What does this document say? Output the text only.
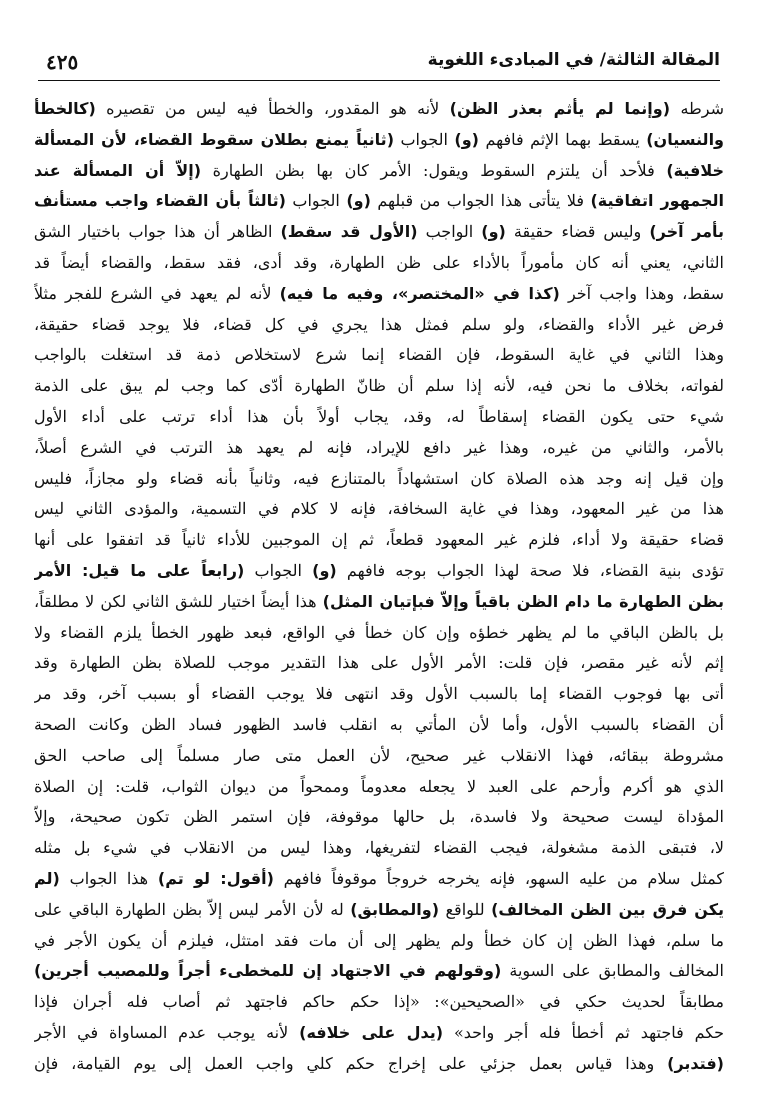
المقالة الثالثة/ في المبادىء اللغوية
٤٢٥
شرطه (وإنما لم يأثم بعذر الظن) لأنه هو المقدور، والخطأ فيه ليس من تقصيره (كالخطأ
والنسيان) يسقط بهما الإثم فافهم (و) الجواب (ثانياً يمنع بطلان سقوط القضاء، لأن المسألة
خلافية) فلأحد أن يلتزم السقوط ويقول: الأمر كان بها بظن الطهارة (إلاّ أن المسألة عند
الجمهور اتفاقية) فلا يتأتى هذا الجواب من قبلهم (و) الجواب (ثالثاً بأن القضاء واجب مستأنف
بأمر آخر) وليس قضاء حقيقة (و) الواجب (الأول قد سقط) الظاهر أن هذا جواب باختيار الشق
الثاني، يعني أنه كان مأموراً بالأداء على ظن الطهارة، وقد أدى، فقد سقط، والقضاء أيضاً قد
سقط، وهذا واجب آخر (كذا في «المختصر»، وفيه ما فيه) لأنه لم يعهد في الشرع للفجر مثلاً
فرض غير الأداء والقضاء، ولو سلم فمثل هذا يجري في كل قضاء، فلا يوجد قضاء حقيقة،
وهذا الثاني في غاية السقوط، فإن القضاء إنما شرع لاستخلاص ذمة قد استغلت بالواجب
لفواته، بخلاف ما نحن فيه، لأنه إذا سلم أن ظانّ الطهارة أدّى كما وجب لم يبق على الذمة
شيء حتى يكون القضاء إسقاطاً له، وقد، يجاب أولاً بأن هذا أداء ترتب على أداء الأول
بالأمر، والثاني من غيره، وهذا غير دافع للإيراد، فإنه لم يعهد هذ الترتب في الشرع أصلاً،
وإن قيل إنه وجد هذه الصلاة كان استشهاداً بالمتنازع فيه، وثانياً بأنه قضاء ولو مجازاً، فليس
هذا من غير المعهود، وهذا في غاية السخافة، فإنه لا كلام في التسمية، والمؤدى الثاني ليس
قضاء حقيقة ولا أداء، فلزم غير المعهود قطعاً، ثم إن الموجبين للأداء ثانياً قد اتفقوا على أنها
تؤدى بنية القضاء، فلا صحة لهذا الجواب بوجه فافهم (و) الجواب (رابعاً على ما قيل: الأمر
بظن الطهارة ما دام الظن باقياً وإلاّ فبإتيان المثل) هذا أيضاً اختيار للشق الثاني لكن لا مطلقاً،
بل بالظن الباقي ما لم يظهر خطؤه وإن كان خطأ في الواقع، فبعد ظهور الخطأ يلزم القضاء ولا
إثم لأنه غير مقصر، فإن قلت: الأمر الأول على هذا التقدير موجب للصلاة بظن الطهارة وقد
أتى بها فوجوب القضاء إما بالسبب الأول وقد انتهى فلا يوجب القضاء أو بسبب آخر، وقد مر
أن القضاء بالسبب الأول، وأما لأن المأتي به انقلب فاسد الظهور فساد الظن وكانت الصحة
مشروطة ببقائه، فهذا الانقلاب غير صحيح، لأن العمل متى صار مسلماً إلى صاحب الحق
الذي هو أكرم وأرحم على العبد لا يجعله معدوماً وممحواً من ديوان الثواب، قلت: إن الصلاة
المؤداة ليست صحيحة ولا فاسدة، بل حالها موقوفة، فإن استمر الظن تكون صحيحة، وإلاّ
لا، فتبقى الذمة مشغولة، فيجب القضاء لتفريغها، وهذا ليس من الانقلاب في شيء بل مثله
كمثل سلام من عليه السهو، فإنه يخرجه خروجاً موقوفاً فافهم (أقول: لو تم) هذا الجواب (لم
يكن فرق بين الظن المخالف) للواقع (والمطابق) له لأن الأمر ليس إلاّ بظن الطهارة الباقي على
ما سلم، فهذا الظن إن كان خطأ ولم يظهر إلى أن مات فقد امتثل، فيلزم أن يكون الأجر في
المخالف والمطابق على السوية (وقولهم في الاجتهاد إن للمخطىء أجراً وللمصيب أجرين)
مطابقاً لحديث حكي في «الصحيحين»: «إذا حكم حاكم فاجتهد ثم أصاب فله أجران فإذا
حكم فاجتهد ثم أخطأ فله أجر واحد» (يدل على خلافه) لأنه يوجب عدم المساواة في الأجر
(فتدبر) وهذا قياس بعمل جزئي على إخراج حكم كلي واجب العمل إلى يوم القيامة، فإن
